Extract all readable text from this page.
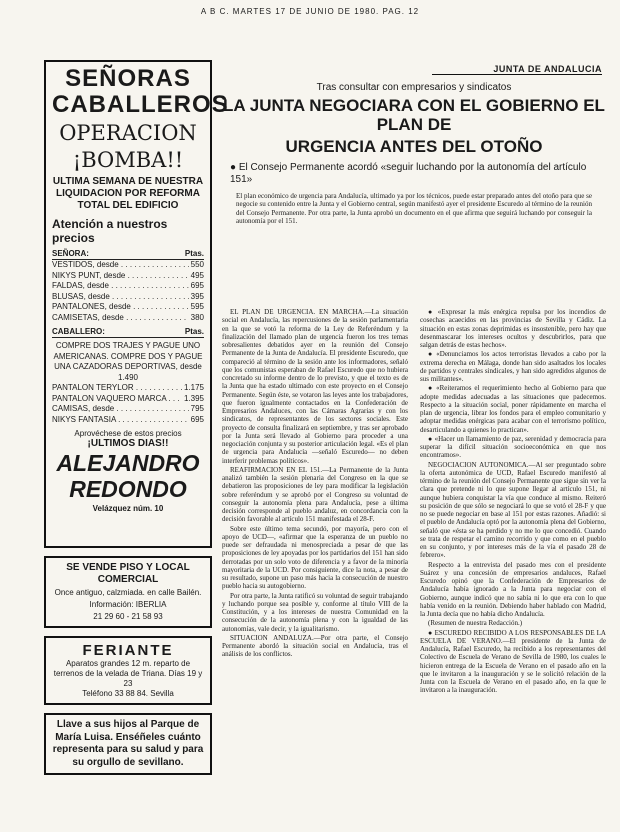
A B C. MARTES 17 DE JUNIO DE 1980. PAG. 12
SEÑORAS
CABALLEROS
OPERACION
¡BOMBA!!
ULTIMA SEMANA DE NUESTRA LIQUIDACION POR REFORMA TOTAL DEL EDIFICIO
Atención a nuestros precios
SEÑORA:	Ptas.
VESTIDOS, desde . . .	550
NIKYS PUNT, desde . . .	495
FALDAS, desde . . .	695
BLUSAS, desde . . .	395
PANTALONES, desde . . .	595
CAMISETAS, desde . . .	380
CABALLERO:	Ptas.
COMPRE DOS TRAJES Y PAGUE UNO AMERICANAS. COMPRE DOS Y PAGUE UNA CAZADORAS DEPORTIVAS, desde 1.490
PANTALON TERYLOR . . .	1.175
PANTALON VAQUERO MARCA . . .	1.395
CAMISAS, desde . . .	795
NIKYS FANTASIA . . .	695
Aprovéchese de estos precios
¡ULTIMOS DIAS!!
ALEJANDRO
REDONDO
Velázquez núm. 10
SE VENDE PISO Y LOCAL COMERCIAL
Once antiguo, calzmiada. en calle Bailén.
Información: IBERLIA
21 29 60 - 21 58 93
FERIANTE
Aparatos grandes 12 m. reparto de terrenos de la velada de Triana. Días 19 y 23
Teléfono 33 88 84. Sevilla
Llave a sus hijos al Parque de María Luisa. Enséñeles cuánto representa para su salud y para su orgullo de sevillano.
JUNTA DE ANDALUCIA
Tras consultar con empresarios y sindicatos
LA JUNTA NEGOCIARA CON EL GOBIERNO EL PLAN DE
URGENCIA ANTES DEL OTOÑO
● El Consejo Permanente acordó «seguir luchando por la autonomía del artículo 151»
El plan económico de urgencia para Andalucía, ultimado ya por los técnicos, puede estar preparado antes del otoño para que se negocie su contenido entre la Junta y el Gobierno central, según manifestó ayer el presidente Escuredo al término de la reunión del Consejo Permanente. Por otra parte, la Junta aprobó un documento en el que afirma que seguirá luchando por conseguir la autonomía por el 151.

EL PLAN DE URGENCIA. EN MARCHA.—La situación social en Andalucía, las repercusiones de la sesión parlamentaria en la que se votó la reforma de la Ley de Referéndum y la finalización del llamado plan de urgencia fueron los tres temas sobresalientes debatidos ayer en la reunión del Consejo Permanente de la Junta de Andalucía. El presidente Escuredo, que compareció al término de la sesión ante los informadores, señaló que los comunistas esperaban de Rafael Escuredo que no hubiera concretado su informe dentro de lo previsto, y que el texto es de la Junta que ha estado ultimado con este proyecto en el Consejo Permanente. Según éste, se votaron las leyes ante los trabajadores, que fueron igualmente contactados en la Confederación de Empresarios Andaluces, con las Cámaras Agrarias y con los sindicatos, de representantes de los sectores sociales. Este proyecto de consulta finalizará en septiembre, y tras ser aprobado por la Junta será llevado al Gobierno para proceder a una negociación conjunta y su posterior articulación legal. «Es el plan de urgencia para Andalucía —señaló Escuredo— no deben interferir problemas políticos».

REAFIRMACION EN EL 151.—La Permanente de la Junta analizó también la sesión plenaria del Congreso en la que se debatieron las proposiciones de ley para modificar la legislación sobre referéndum y se aprobó por el Congreso su voluntad de conseguir la autonomía plena para Andalucía, pese a última decisión corresponde al pueblo andaluz, en concordancia con la decisión favorable al artículo 151 manifestada el 28-F.

Sobre este último tema secundó, por mayoría, pero con el apoyo de UCD—, «afirmar que la esperanza de un pueblo no puede ser defraudada ni menospreciada a pesar de que las proposiciones de ley apoyadas por los partidarios del 151 han sido derrotadas por un solo voto de diferencia y a favor de la minoría mayoritaria de la UCD. Por consiguiente, dice la nota, a pesar de su resultado, supone un paso más hacia la consecución de nuestro pueblo hacia su autogobierno.

Por otra parte, la Junta ratificó su voluntad de seguir trabajando y luchando porque sea posible y, conforme al título VIII de la Constitución, y a los intereses de nuestra Comunidad en la consecución de la autonomía plena y con la igualdad de las autonomías, vale decir, y la igualitarismo.

SITUACION ANDALUZA.—Por otra parte, el Consejo Permanente abordó la situación social en Andalucía, tras el análisis de los conflictos.

● «Expresar la más enérgica repulsa por los incendios de cosechas acaecidos en las provincias de Sevilla y Cádiz. La situación en estas zonas deprimidas es insostenible, pero hay que desenmascarar los intereses ocultos y descubrirlos, para que salgan detrás de estas hechos».

● «Denunciamos los actos terroristas llevados a cabo por la extrema derecha en Málaga, donde han sido asaltados los locales de partidos y centrales sindicales, y han sido agredidos algunos de sus militantes».

● «Reiteramos el requerimiento hecho al Gobierno para que adopte medidas adecuadas a las situaciones que padecemos. Respecto a la situación social, poner rápidamente en marcha el plan de urgencia, librar los fondos para el empleo comunitario y adoptar medidas enérgicas para acabar con el terrorismo político, desarticulando a quienes lo practican».

● «Hacer un llamamiento de paz, serenidad y democracia para superar la difícil situación socioeconómica en que nos encontramos».

NEGOCIACION AUTONOMICA.—Al ser preguntado sobre la oferta autonómica de UCD, Rafael Escuredo manifestó al término de la reunión del Consejo Permanente que sigue sin ver la clara que pretende ni lo que supone llegar al artículo 151, ni aunque hubiera conquistar la vía que conduce al mismo. Reiteró su posición de que sólo se negociará lo que se votó el 28-F y que no se puede negociar en base al 151 por estas razones. Añadió: si el pueblo de Andalucía optó por la autonomía plena del Gobierno, señaló que «ésta se ha perdido y no me lo que concedió. Cuando se trata de respetar el camino recorrido y que como en el pueblo en su conjunto, y por intereses más de la vía el pasado 28 de febrero».

Respecto a la entrevista del pasado mes con el presidente Suárez y una concesión de empresarios andaluces, Rafael Escuredo opinó que la Confederación de Empresarios de Andalucía había ignorado a la Junta para negociar con el Gobierno, aunque indicó que no sabía ni lo que era con lo que había venido en la reunión. Debiendo haber hablado con Madrid, la Junta decía que no había dicho Andalucía.

(Resumen de nuestra Redacción.)

● ESCUREDO RECIBIDO A LOS RESPONSABLES DE LA ESCUELA DE VERANO.—El presidente de la Junta de Andalucía, Rafael Escuredo, ha recibido a los representantes del Colectivo de Escuela de Verano de Sevilla de 1980, los cuales le hicieron entrega de la Escuela de Verano en el pasado año en la que le invitaron a la inauguración y se le solicitó relación de la Junta con la Escuela de Verano en el pasado año, en la que le invitaron a la inauguración.
